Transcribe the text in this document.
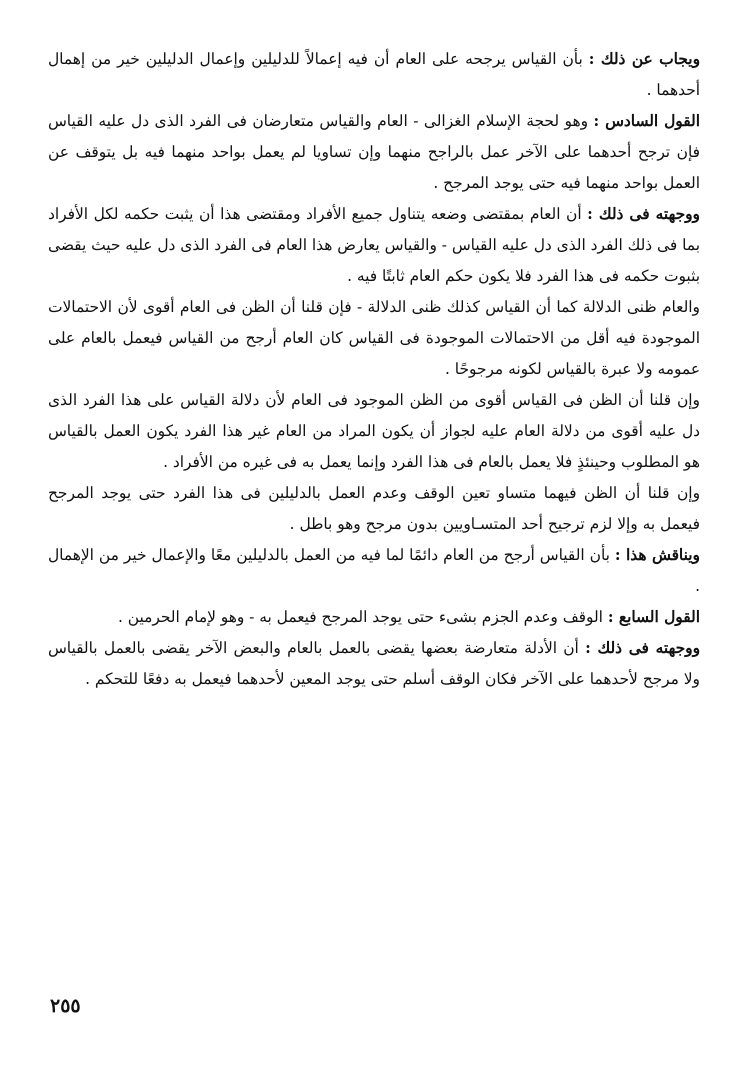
ويجاب عن ذلك : بأن القياس يرجحه على العام أن فيه إعمالاً للدليلين وإعمال الدليلين خير من إهمال أحدهما .

القول السادس : وهو لحجة الإسلام الغزالى - العام والقياس متعارضان فى الفرد الذى دل عليه القياس فإن ترجح أحدهما على الآخر عمل بالراجح منهما وإن تساويا لم يعمل بواحد منهما فيه بل يتوقف عن العمل بواحد منهما فيه حتى يوجد المرجح .

ووجهته فى ذلك : أن العام بمقتضى وضعه يتناول جميع الأفراد ومقتضى هذا أن يثبت حكمه لكل الأفراد بما فى ذلك الفرد الذى دل عليه القياس - والقياس يعارض هذا العام فى الفرد الذى دل عليه حيث يقضى بثبوت حكمه فى هذا الفرد فلا يكون حكم العام ثابتًا فيه .

والعام ظنى الدلالة كما أن القياس كذلك ظنى الدلالة - فإن قلنا أن الظن فى العام أقوى لأن الاحتمالات الموجودة فيه أقل من الاحتمالات الموجودة فى القياس كان العام أرجح من القياس فيعمل بالعام على عمومه ولا عبرة بالقياس لكونه مرجوحًا .

وإن قلنا أن الظن فى القياس أقوى من الظن الموجود فى العام لأن دلالة القياس على هذا الفرد الذى دل عليه أقوى من دلالة العام عليه لجواز أن يكون المراد من العام غير هذا الفرد يكون العمل بالقياس هو المطلوب وحينئذٍ فلا يعمل بالعام فى هذا الفرد وإنما يعمل به فى غيره من الأفراد .

وإن قلنا أن الظن فيهما متساو تعين الوقف وعدم العمل بالدليلين فى هذا الفرد حتى يوجد المرجح فيعمل به وإلا لزم ترجيح أحد المتسـاويين بدون مرجح وهو باطل .

ويناقش هذا : بأن القياس أرجح من العام دائمًا لما فيه من العمل بالدليلين معًا والإعمال خير من الإهمال .

القول السابع : الوقف وعدم الجزم بشىء حتى يوجد المرجح فيعمل به - وهو لإمام الحرمين .

ووجهته فى ذلك : أن الأدلة متعارضة بعضها يقضى بالعمل بالعام والبعض الآخر يقضى بالعمل بالقياس ولا مرجح لأحدهما على الآخر فكان الوقف أسلم حتى يوجد المعين لأحدهما فيعمل به دفعًا للتحكم .

٢٥٥
